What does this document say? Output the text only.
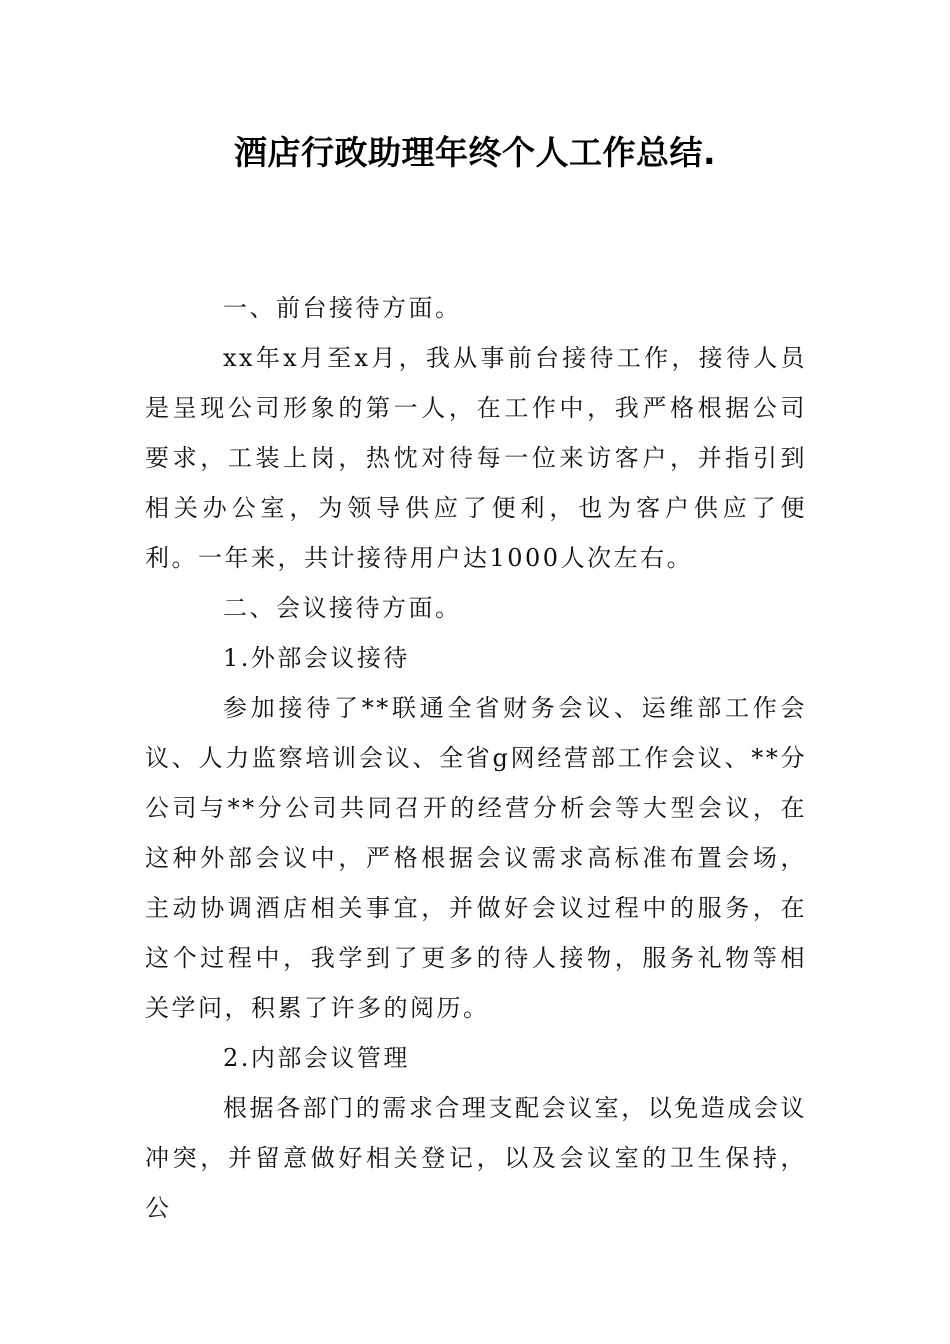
酒店行政助理年终个人工作总结.

一、前台接待方面。

xx年x月至x月，我从事前台接待工作，接待人员是呈现公司形象的第一人，在工作中，我严格根据公司要求，工装上岗，热忱对待每一位来访客户，并指引到相关办公室，为领导供应了便利，也为客户供应了便利。一年来，共计接待用户达1000人次左右。

二、会议接待方面。

1.外部会议接待

参加接待了**联通全省财务会议、运维部工作会议、人力监察培训会议、全省g网经营部工作会议、**分公司与**分公司共同召开的经营分析会等大型会议，在这种外部会议中，严格根据会议需求高标准布置会场，主动协调酒店相关事宜，并做好会议过程中的服务，在这个过程中，我学到了更多的待人接物，服务礼物等相关学问，积累了许多的阅历。

2.内部会议管理

根据各部门的需求合理支配会议室，以免造成会议冲突，并留意做好相关登记，以及会议室的卫生保持，公
